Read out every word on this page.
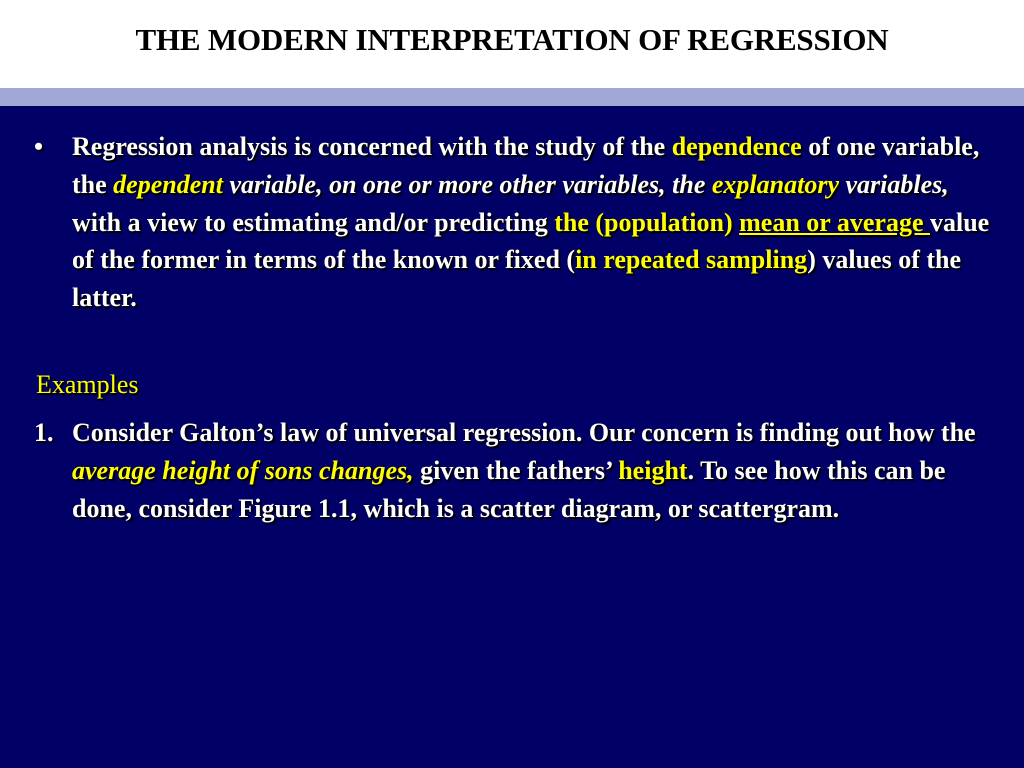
THE MODERN INTERPRETATION OF REGRESSION
• Regression analysis is concerned with the study of the dependence of one variable, the dependent variable, on one or more other variables, the explanatory variables, with a view to estimating and/or predicting the (population) mean or average value of the former in terms of the known or fixed (in repeated sampling) values of the latter.
Examples
1. Consider Galton’s law of universal regression. Our concern is finding out how the average height of sons changes, given the fathers’ height. To see how this can be done, consider Figure 1.1, which is a scatter diagram, or scattergram.
